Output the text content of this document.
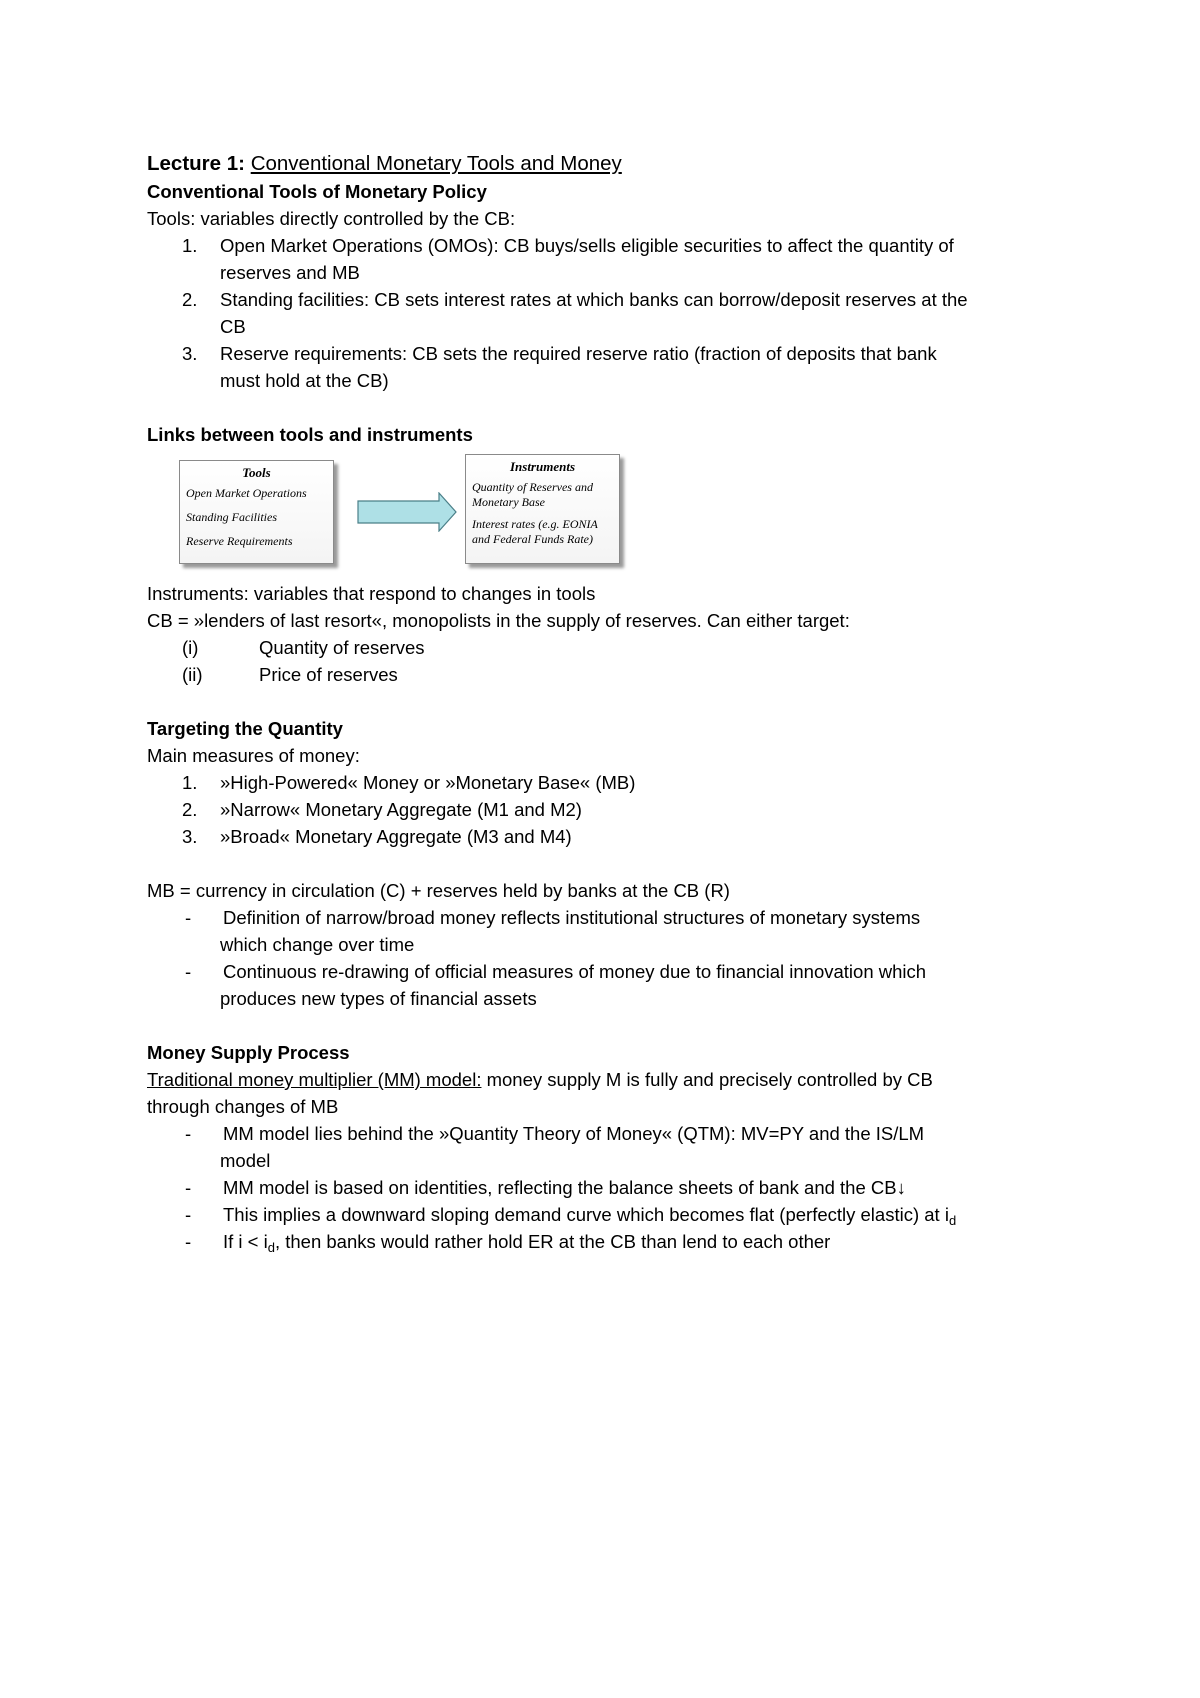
Lecture 1: Conventional Monetary Tools and Money
Conventional Tools of Monetary Policy
Tools: variables directly controlled by the CB:
1.	Open Market Operations (OMOs): CB buys/sells eligible securities to affect the quantity of
reserves and MB
2.	Standing facilities: CB sets interest rates at which banks can borrow/deposit reserves at the
CB
3.	Reserve requirements: CB sets the required reserve ratio (fraction of deposits that bank
must hold at the CB)
Links between tools and instruments
Tools
Open Market Operations
Standing Facilities
Reserve Requirements
Instruments
Quantity of Reserves and Monetary Base
Interest rates (e.g. EONIA and Federal Funds Rate)
Instruments: variables that respond to changes in tools
CB = »lenders of last resort«, monopolists in the supply of reserves. Can either target:
(i)	Quantity of reserves
(ii)	Price of reserves
Targeting the Quantity
Main measures of money:
1.	»High-Powered« Money or »Monetary Base« (MB)
2.	»Narrow« Monetary Aggregate (M1 and M2)
3.	»Broad« Monetary Aggregate (M3 and M4)
MB = currency in circulation (C) + reserves held by banks at the CB (R)
-	Definition of narrow/broad money reflects institutional structures of monetary systems
which change over time
-	Continuous re-drawing of official measures of money due to financial innovation which
produces new types of financial assets
Money Supply Process
Traditional money multiplier (MM) model: money supply M is fully and precisely controlled by CB
through changes of MB
-	MM model lies behind the »Quantity Theory of Money« (QTM): MV=PY and the IS/LM
model
-	MM model is based on identities, reflecting the balance sheets of bank and the CB↓
-	This implies a downward sloping demand curve which becomes flat (perfectly elastic) at $i_d$
-	If $i < i_d$, then banks would rather hold ER at the CB than lend to each other
